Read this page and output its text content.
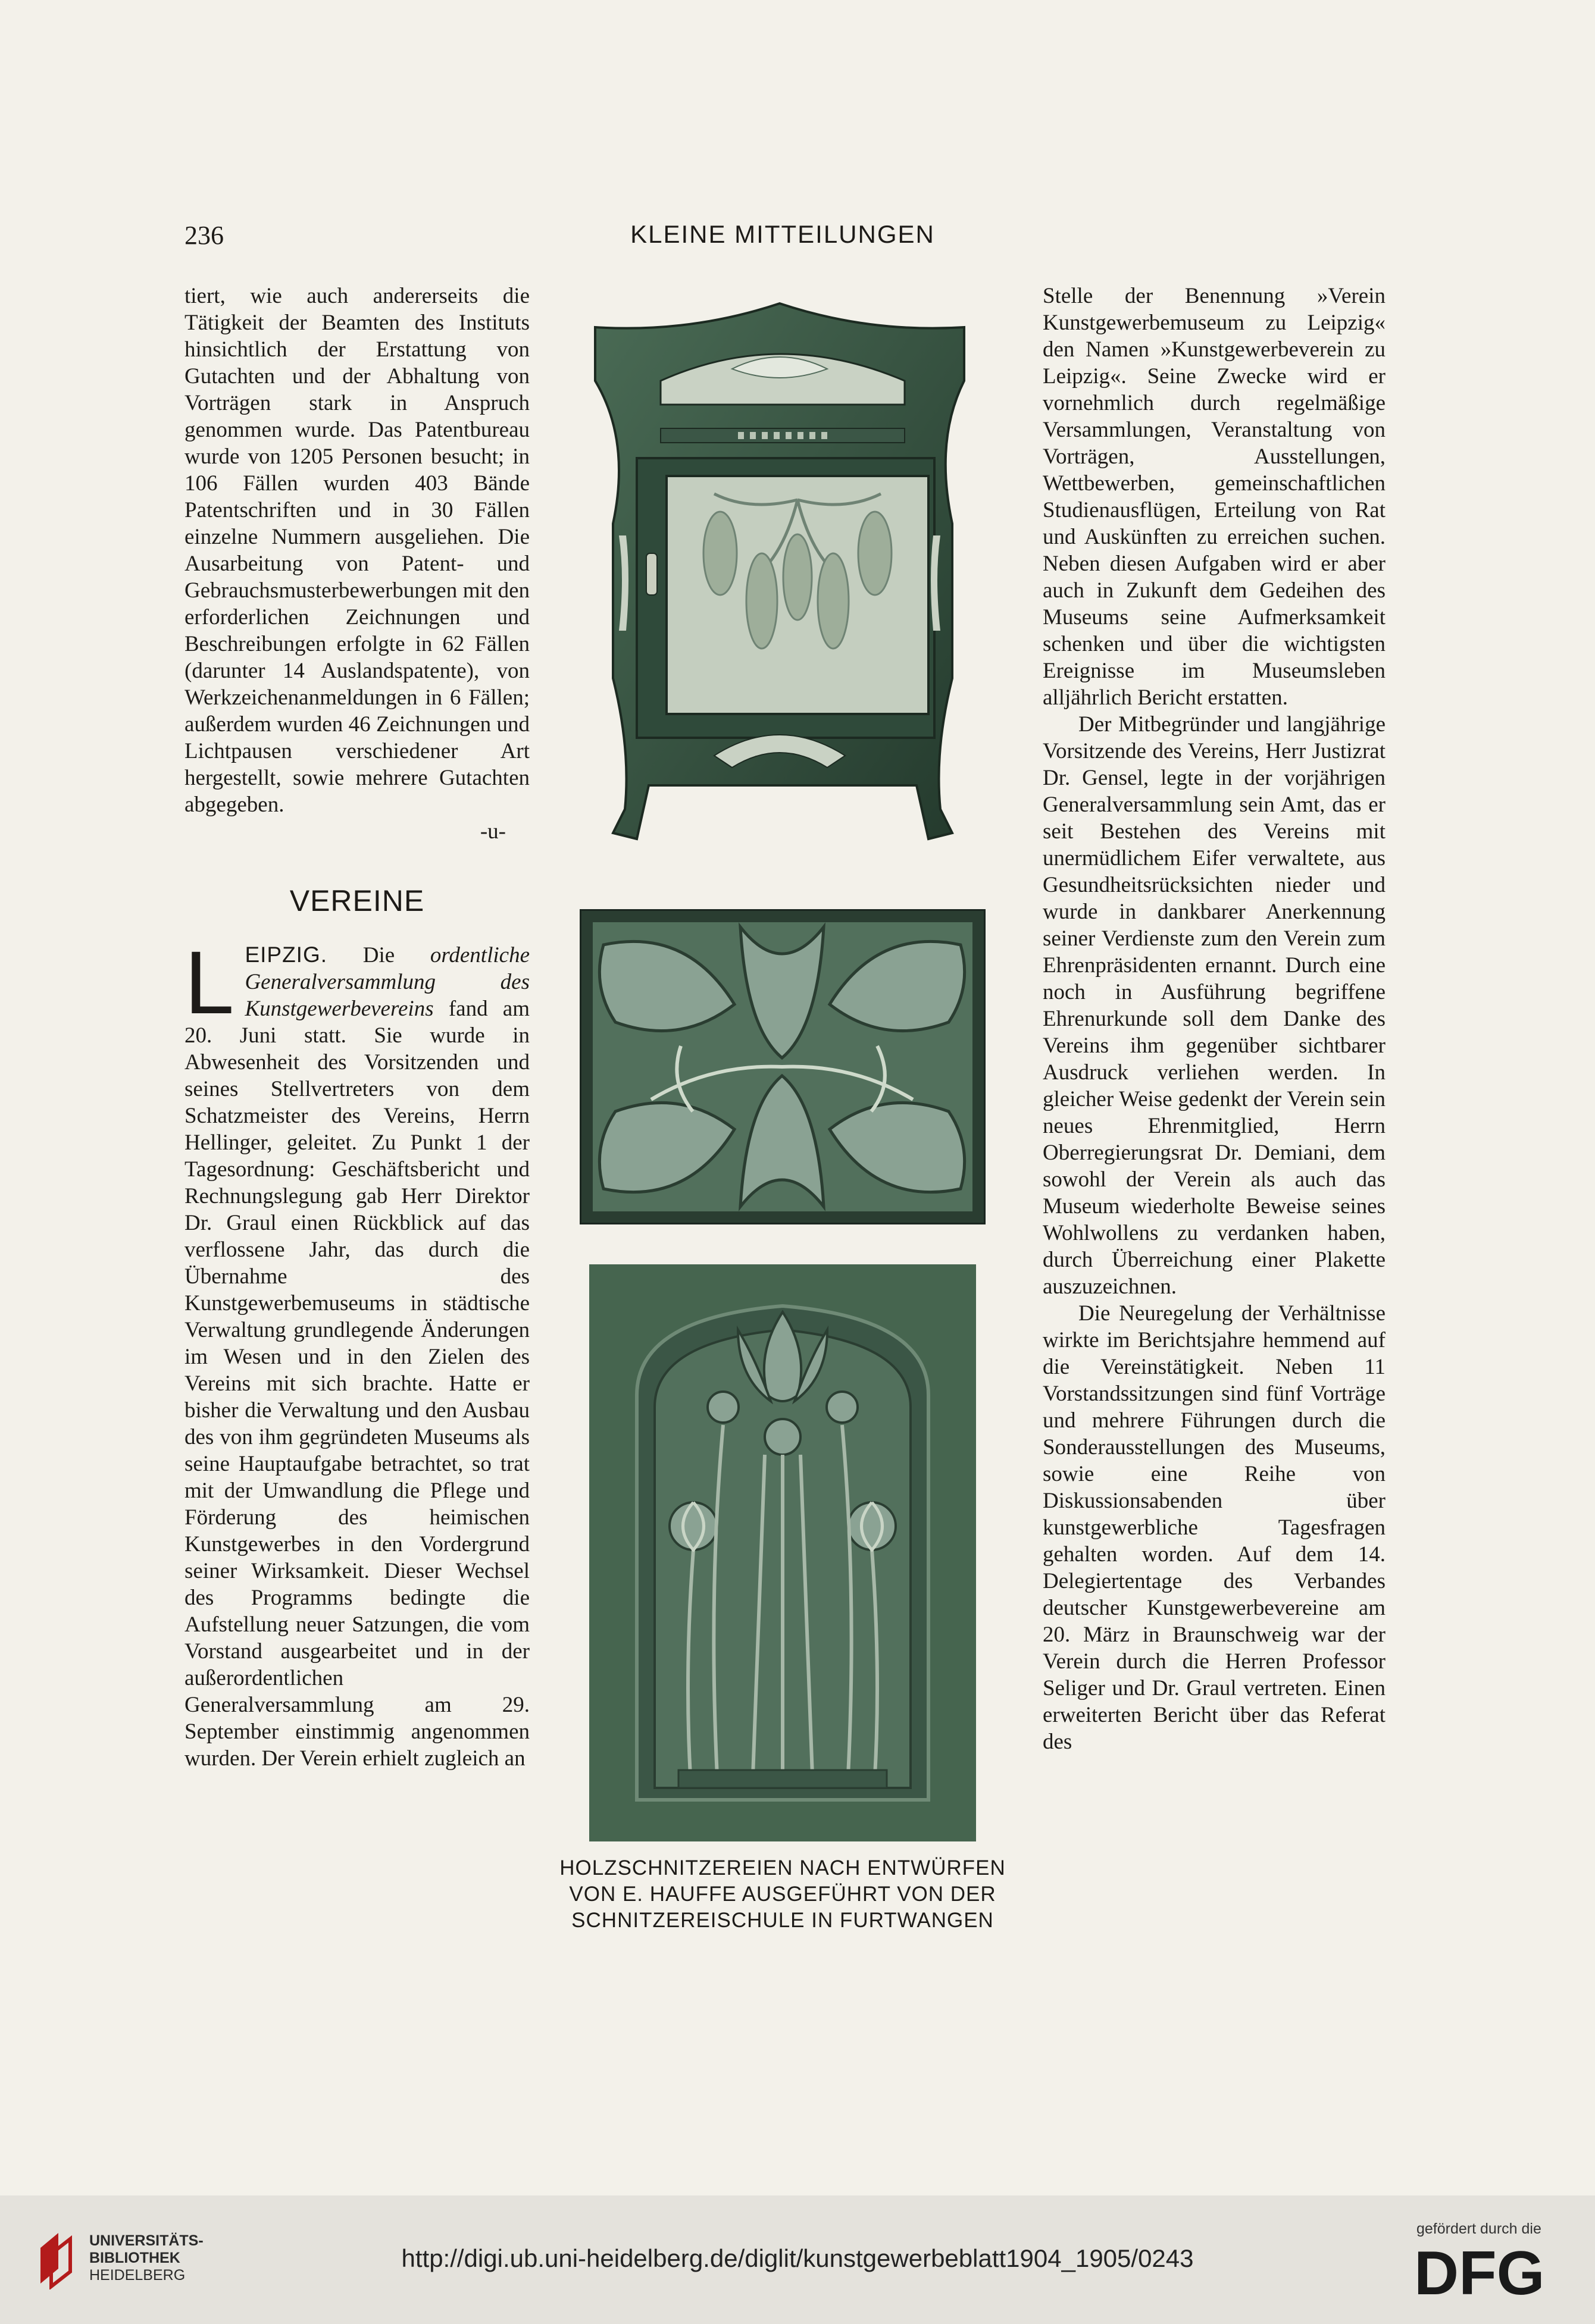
236	KLEINE MITTEILUNGEN

tiert, wie auch andererseits die Tätigkeit der Beamten des Instituts hinsichtlich der Erstattung von Gutachten und der Abhaltung von Vorträgen stark in Anspruch genommen wurde. Das Patentbureau wurde von 1205 Personen besucht; in 106 Fällen wurden 403 Bände Patentschriften und in 30 Fällen einzelne Nummern ausgeliehen. Die Ausarbeitung von Patent- und Gebrauchsmusterbewerbungen mit den erforderlichen Zeichnungen und Beschreibungen erfolgte in 62 Fällen (darunter 14 Auslandspatente), von Werkzeichenanmeldungen in 6 Fällen; außerdem wurden 46 Zeichnungen und Lichtpausen verschiedener Art hergestellt, sowie mehrere Gutachten abgegeben.

-u-
VEREINE

LEIPZIG. Die ordentliche Generalversammlung des Kunstgewerbevereins fand am 20. Juni statt. Sie wurde in Abwesenheit des Vorsitzenden und seines Stellvertreters von dem Schatzmeister des Vereins, Herrn Hellinger, geleitet. Zu Punkt 1 der Tagesordnung: Geschäftsbericht und Rechnungslegung gab Herr Direktor Dr. Graul einen Rückblick auf das verflossene Jahr, das durch die Übernahme des Kunstgewerbemuseums in städtische Verwaltung grundlegende Änderungen im Wesen und in den Zielen des Vereins mit sich brachte. Hatte er bisher die Verwaltung und den Ausbau des von ihm gegründeten Museums als seine Hauptaufgabe betrachtet, so trat mit der Umwandlung die Pflege und Förderung des heimischen Kunstgewerbes in den Vordergrund seiner Wirksamkeit. Dieser Wechsel des Programms bedingte die Aufstellung neuer Satzungen, die vom Vorstand ausgearbeitet und in der außerordentlichen Generalversammlung am 29. September einstimmig angenommen wurden. Der Verein erhielt zugleich an

HOLZSCHNITZEREIEN NACH ENTWÜRFEN VON E. HAUFFE AUSGEFÜHRT VON DER SCHNITZEREISCHULE IN FURTWANGEN

Stelle der Benennung »Verein Kunstgewerbemuseum zu Leipzig« den Namen »Kunstgewerbeverein zu Leipzig«. Seine Zwecke wird er vornehmlich durch regelmäßige Versammlungen, Veranstaltung von Vorträgen, Ausstellungen, Wettbewerben, gemeinschaftlichen Studienausflügen, Erteilung von Rat und Auskünften zu erreichen suchen. Neben diesen Aufgaben wird er aber auch in Zukunft dem Gedeihen des Museums seine Aufmerksamkeit schenken und über die wichtigsten Ereignisse im Museumsleben alljährlich Bericht erstatten.

Der Mitbegründer und langjährige Vorsitzende des Vereins, Herr Justizrat Dr. Gensel, legte in der vorjährigen Generalversammlung sein Amt, das er seit Bestehen des Vereins mit unermüdlichem Eifer verwaltete, aus Gesundheitsrücksichten nieder und wurde in dankbarer Anerkennung seiner Verdienste zum den Verein zum Ehrenpräsidenten ernannt. Durch eine noch in Ausführung begriffene Ehrenurkunde soll dem Danke des Vereins ihm gegenüber sichtbarer Ausdruck verliehen werden. In gleicher Weise gedenkt der Verein sein neues Ehrenmitglied, Herrn Oberregierungsrat Dr. Demiani, dem sowohl der Verein als auch das Museum wiederholte Beweise seines Wohlwollens zu verdanken haben, durch Überreichung einer Plakette auszuzeichnen.

Die Neuregelung der Verhältnisse wirkte im Berichtsjahre hemmend auf die Vereinstätigkeit. Neben 11 Vorstandssitzungen sind fünf Vorträge und mehrere Führungen durch die Sonderausstellungen des Museums, sowie eine Reihe von Diskussionsabenden über kunstgewerbliche Tagesfragen gehalten worden. Auf dem 14. Delegiertentage des Verbandes deutscher Kunstgewerbevereine am 20. März in Braunschweig war der Verein durch die Herren Professor Seliger und Dr. Graul vertreten. Einen erweiterten Bericht über das Referat des

UNIVERSITÄTS-
BIBLIOTHEK
HEIDELBERG
http://digi.ub.uni-heidelberg.de/diglit/kunstgewerbeblatt1904_1905/0243
gefördert durch die
DFG
